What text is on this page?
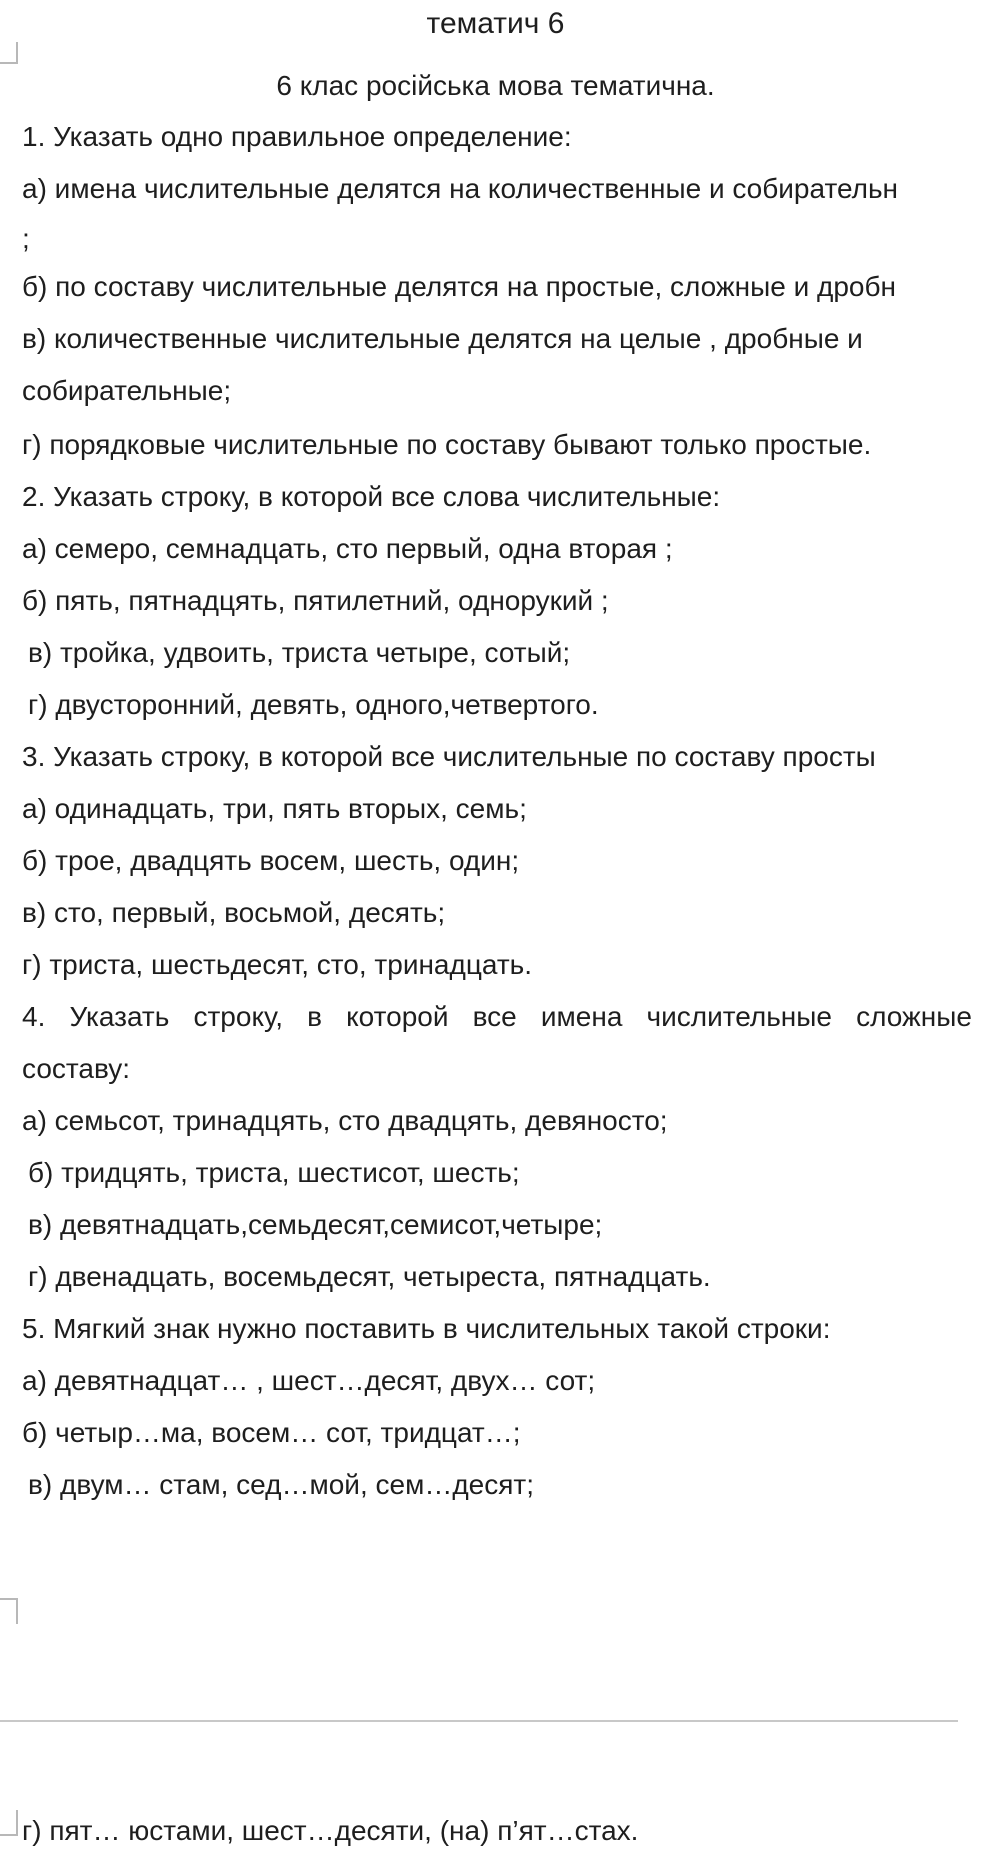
тематич 6
6 клас російська мова тематична.
1. Указать одно правильное определение:
а) имена числительные делятся на количественные и собирательн
;
б) по составу числительные делятся на простые, сложные и дробн
в) количественные числительные делятся на целые , дробные и
собирательные;
г) порядковые числительные по составу бывают только простые.
2. Указать строку, в которой все слова числительные:
а) семеро, семнадцать, сто первый, одна вторая ;
б) пять, пятнадцять, пятилетний, однорукий ;
в) тройка, удвоить, триста четыре, сотый;
г) двусторонний, девять, одного,четвертого.
3. Указать строку, в которой все числительные по составу просты
а) одинадцать, три, пять вторых, семь;
б) трое, двадцять восем, шесть, один;
в) сто, первый, восьмой, десять;
г) триста, шестьдесят, сто, тринадцать.
4. Указать строку, в которой все имена числительные сложные
составу:
а) семьсот, тринадцять, сто двадцять, девяносто;
б) тридцять, триста, шестисот, шесть;
в) девятнадцать,семьдесят,семисот,четыре;
г) двенадцать, восемьдесят, четыреста, пятнадцать.
5. Мягкий знак нужно поставить в числительных такой строки:
а) девятнадцат… , шест…десят, двух… сот;
б) четыр…ма, восем… сот, тридцат…;
в) двум… стам, сед…мой, сем…десят;
г) пят… юстами, шест…десяти, (на) п’ят…стах.
